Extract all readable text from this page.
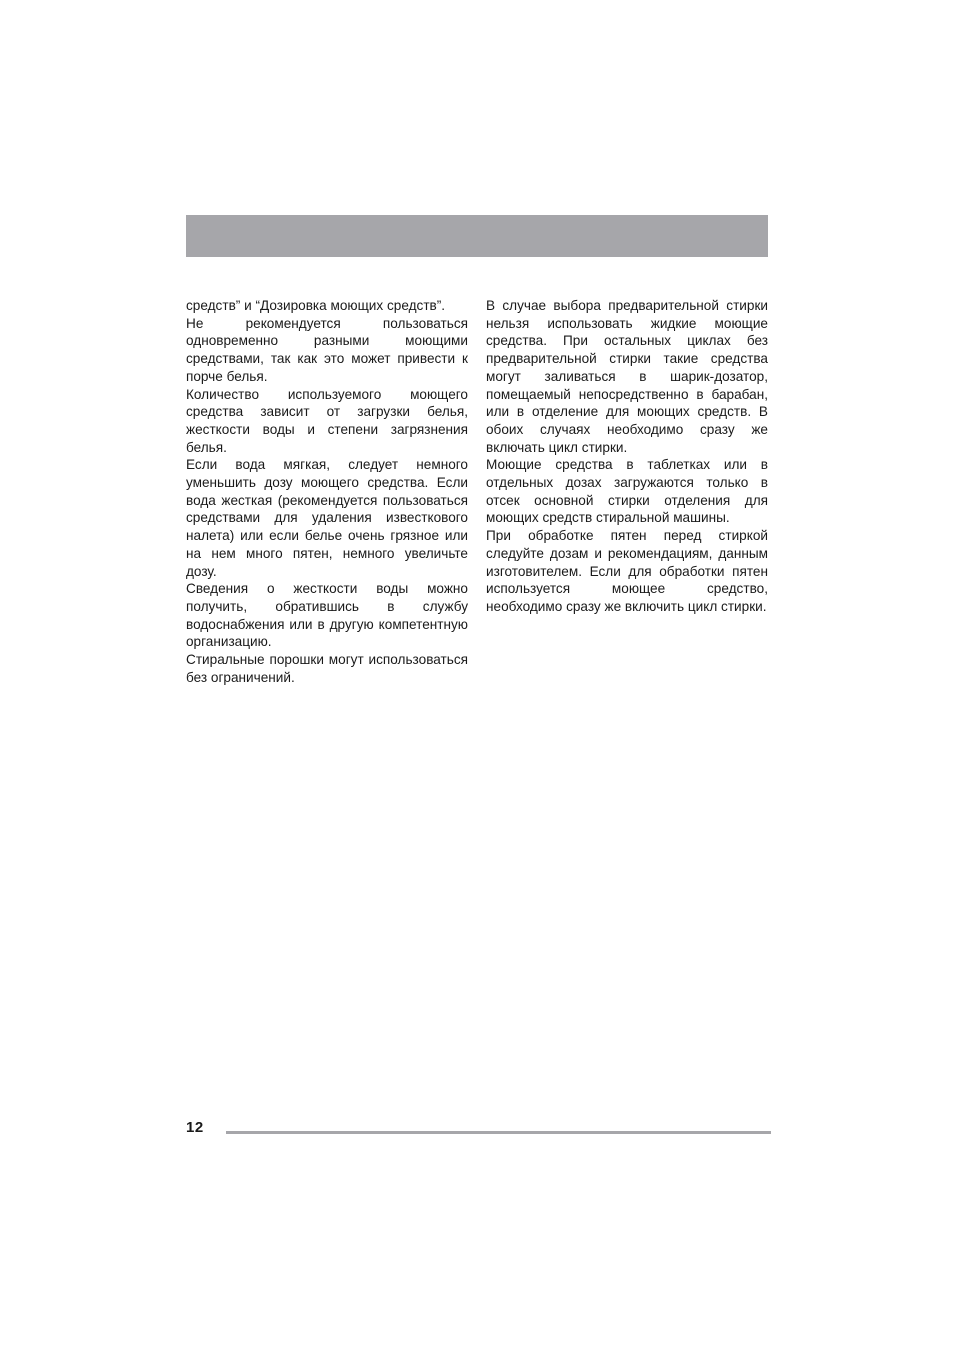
средств” и “Дозировка моющих средств”.

Не рекомендуется пользоваться одновременно разными моющими средствами, так как это может привести к порче белья.

Количество используемого моющего средства зависит от загрузки белья, жесткости воды и степени загрязнения белья.

Если вода мягкая, следует немного уменьшить дозу моющего средства. Если вода жесткая (рекомендуется пользоваться средствами для удаления известкового налета) или если белье очень грязное или на нем много пятен, немного увеличьте дозу.

Сведения о жесткости воды можно получить, обратившись в службу водоснабжения или в другую компетентную организацию.

Стиральные порошки могут использоваться без ограничений.

В случае выбора предварительной стирки нельзя использовать жидкие моющие средства. При остальных циклах без предварительной стирки такие средства могут заливаться в шарик-дозатор, помещаемый непосредственно в барабан, или в отделение для моющих средств. В обоих случаях необходимо сразу же включать цикл стирки.

Моющие средства в таблетках или в отдельных дозах загружаются только в отсек основной стирки отделения для моющих средств стиральной машины.

При обработке пятен перед стиркой следуйте дозам и рекомендациям, данным изготовителем. Если для обработки пятен используется моющее средство, необходимо сразу же включить цикл стирки.

12
